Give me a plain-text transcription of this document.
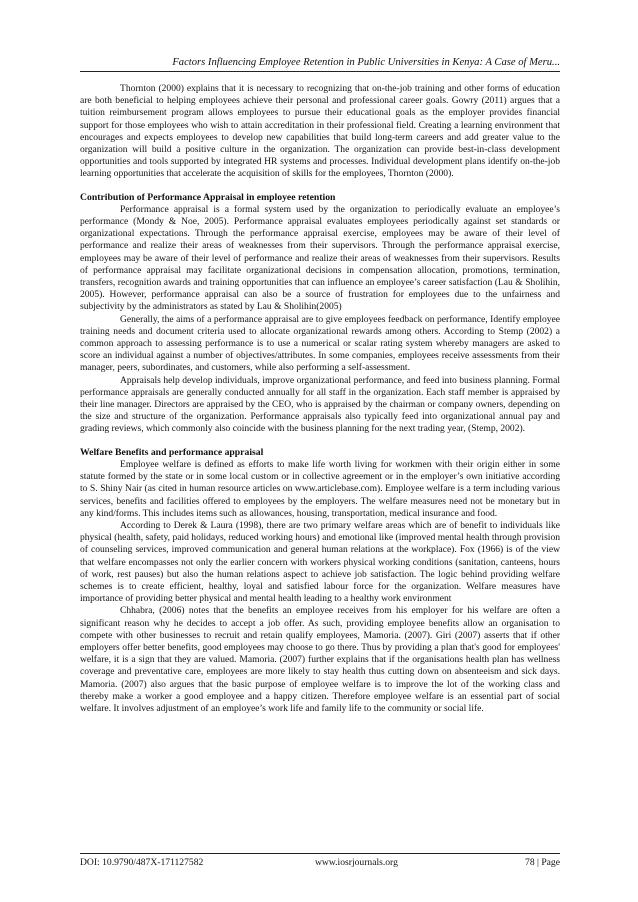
Factors Influencing Employee Retention in Public Universities in Kenya: A Case of Meru...

Thornton (2000) explains that it is necessary to recognizing that on-the-job training and other forms of education are both beneficial to helping employees achieve their personal and professional career goals. Gowry (2011) argues that a tuition reimbursement program allows employees to pursue their educational goals as the employer provides financial support for those employees who wish to attain accreditation in their professional field. Creating a learning environment that encourages and expects employees to develop new capabilities that build long-term careers and add greater value to the organization will build a positive culture in the organization. The organization can provide best-in-class development opportunities and tools supported by integrated HR systems and processes. Individual development plans identify on-the-job learning opportunities that accelerate the acquisition of skills for the employees, Thornton (2000).

Contribution of Performance Appraisal in employee retention

Performance appraisal is a formal system used by the organization to periodically evaluate an employee’s performance (Mondy & Noe, 2005). Performance appraisal evaluates employees periodically against set standards or organizational expectations. Through the performance appraisal exercise, employees may be aware of their level of performance and realize their areas of weaknesses from their supervisors. Through the performance appraisal exercise, employees may be aware of their level of performance and realize their areas of weaknesses from their supervisors. Results of performance appraisal may facilitate organizational decisions in compensation allocation, promotions, termination, transfers, recognition awards and training opportunities that can influence an employee’s career satisfaction (Lau & Sholihin, 2005). However, performance appraisal can also be a source of frustration for employees due to the unfairness and subjectivity by the administrators as stated by Lau & Sholihin(2005)

Generally, the aims of a performance appraisal are to give employees feedback on performance, Identify employee training needs and document criteria used to allocate organizational rewards among others. According to Stemp (2002) a common approach to assessing performance is to use a numerical or scalar rating system whereby managers are asked to score an individual against a number of objectives/attributes. In some companies, employees receive assessments from their manager, peers, subordinates, and customers, while also performing a self-assessment.

Appraisals help develop individuals, improve organizational performance, and feed into business planning. Formal performance appraisals are generally conducted annually for all staff in the organization. Each staff member is appraised by their line manager. Directors are appraised by the CEO, who is appraised by the chairman or company owners, depending on the size and structure of the organization. Performance appraisals also typically feed into organizational annual pay and grading reviews, which commonly also coincide with the business planning for the next trading year, (Stemp, 2002).

Welfare Benefits and performance appraisal

Employee welfare is defined as efforts to make life worth living for workmen with their origin either in some statute formed by the state or in some local custom or in collective agreement or in the employer’s own initiative according to S. Shiny Nair (as cited in human resource articles on www.articlebase.com). Employee welfare is a term including various services, benefits and facilities offered to employees by the employers. The welfare measures need not be monetary but in any kind/forms. This includes items such as allowances, housing, transportation, medical insurance and food.

According to Derek & Laura (1998), there are two primary welfare areas which are of benefit to individuals like physical (health, safety, paid holidays, reduced working hours) and emotional like (improved mental health through provision of counseling services, improved communication and general human relations at the workplace). Fox (1966) is of the view that welfare encompasses not only the earlier concern with workers physical working conditions (sanitation, canteens, hours of work, rest pauses) but also the human relations aspect to achieve job satisfaction. The logic behind providing welfare schemes is to create efficient, healthy, loyal and satisfied labour force for the organization. Welfare measures have importance of providing better physical and mental health leading to a healthy work environment

Chhabra, (2006) notes that the benefits an employee receives from his employer for his welfare are often a significant reason why he decides to accept a job offer. As such, providing employee benefits allow an organisation to compete with other businesses to recruit and retain qualify employees, Mamoria. (2007). Giri (2007) asserts that if other employers offer better benefits, good employees may choose to go there. Thus by providing a plan that's good for employees' welfare, it is a sign that they are valued. Mamoria. (2007) further explains that if the organisations health plan has wellness coverage and preventative care, employees are more likely to stay health thus cutting down on absenteeism and sick days. Mamoria. (2007) also argues that the basic purpose of employee welfare is to improve the lot of the working class and thereby make a worker a good employee and a happy citizen. Therefore employee welfare is an essential part of social welfare. It involves adjustment of an employee’s work life and family life to the community or social life.

DOI: 10.9790/487X-171127582	www.iosrjournals.org	78 | Page
